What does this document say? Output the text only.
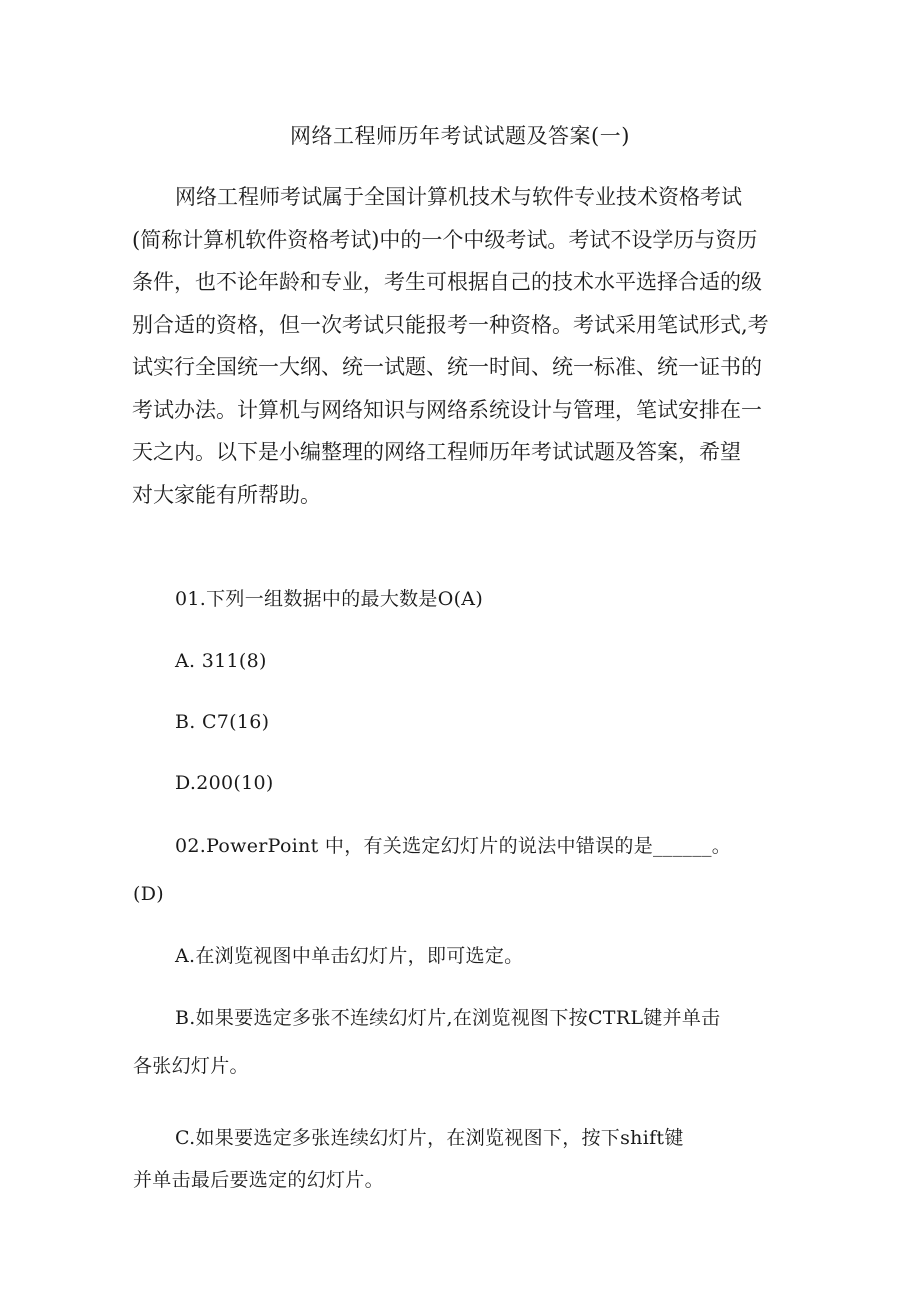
网络工程师历年考试试题及答案(一)

网络工程师考试属于全国计算机技术与软件专业技术资格考试
(简称计算机软件资格考试)中的一个中级考试。考试不设学历与资历
条件，也不论年龄和专业，考生可根据自己的技术水平选择合适的级
别合适的资格，但一次考试只能报考一种资格。考试采用笔试形式,考
试实行全国统一大纲、统一试题、统一时间、统一标准、统一证书的
考试办法。计算机与网络知识与网络系统设计与管理，笔试安排在一
天之内。以下是小编整理的网络工程师历年考试试题及答案，希望
对大家能有所帮助。

01.下列一组数据中的最大数是O(A)
A. 311(8)
B. C7(16)
D.200(10)
02.PowerPoint 中，有关选定幻灯片的说法中错误的是______。
(D)
A.在浏览视图中单击幻灯片，即可选定。
B.如果要选定多张不连续幻灯片,在浏览视图下按CTRL键并单击
各张幻灯片。
C.如果要选定多张连续幻灯片，在浏览视图下，按下shift键
并单击最后要选定的幻灯片。
